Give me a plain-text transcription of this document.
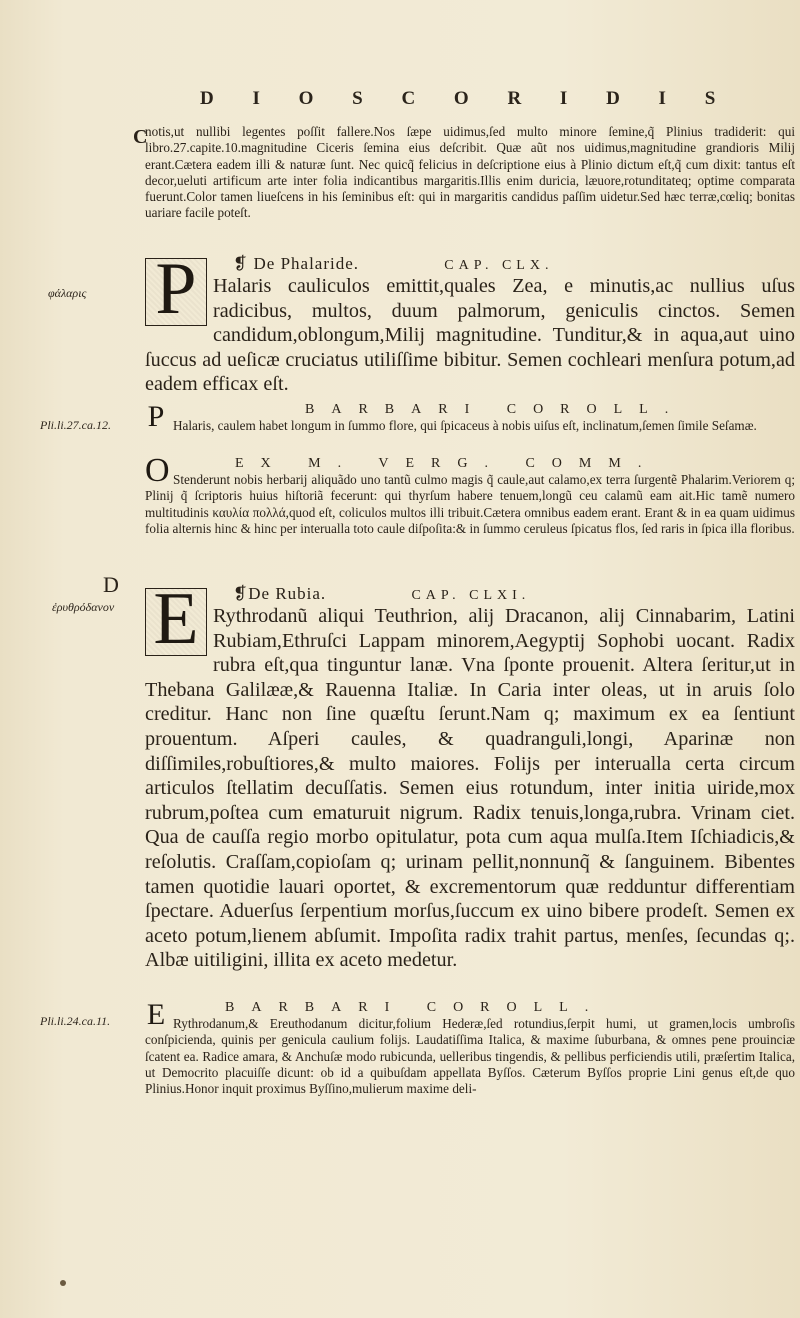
D I O S C O R I D I S
C
φάλαρις
Pli.li.27.ca.12.
D
ἐρυθρόδανον
Pli.li.24.ca.11.

notis,ut nullibi legentes poſſit fallere.Nos ſæpe uidimus,ſed multo minore ſemine,q̃ Plinius tradiderit: qui libro.27.capite.10.magnitudine Ciceris ſemina eius deſcribit. Quæ aũt nos uidimus,magnitudine grandioris Milij erant.Cætera eadem illi & naturæ ſunt. Nec quicq̃ felicius in deſcriptione eius à Plinio dictum eſt,q̃ cum dixit: tantus eſt decor,ueluti artificum arte inter folia indicantibus margaritis.Illis enim duricia, læuore,rotunditateq; optime comparata fuerunt.Color tamen liueſcens in his ſeminibus eſt: qui in margaritis candidus paſſim uidetur.Sed hæc terræ,cœliq; bonitas uariare facile poteſt.

P	❡ De Phalaride.	CAP. CLX.

Halaris cauliculos emittit,quales Zea, e minutis,ac nullius uſus radicibus, multos, duum palmorum, geniculis cinctos. Semen candidum,oblongum,Milij magnitudine. Tunditur,& in aqua,aut uino ſuccus ad ueſicæ cruciatus utiliſſime bibitur. Semen cochleari menſura potum,ad eadem efficax eſt.

P	BARBARI COROLL.

Halaris, caulem habet longum in ſummo flore, qui ſpicaceus à nobis uiſus eſt, inclinatum,ſemen ſimile Seſamæ.

O	EX M. VERG. COMM.

Stenderunt nobis herbarij aliquãdo uno tantũ culmo magis q̃ caule,aut calamo,ex terra ſurgentẽ Phalarim.Veriorem q; Plinij q̃ ſcriptoris huius hiſtoriã fecerunt: qui thyrſum habere tenuem,longũ ceu calamũ eam ait.Hic tamẽ numero multitudinis καυλία πολλά,quod eſt, coliculos multos illi tribuit.Cætera omnibus eadem erant. Erant & in ea quam uidimus folia alternis hinc & hinc per interualla toto caule diſpoſita:& in ſummo ceruleus ſpicatus flos, ſed raris in ſpica illa floribus.

E	❡De Rubia.	CAP. CLXI.

Rythrodanũ aliqui Teuthrion, alij Dracanon, alij Cinnabarim, Latini Rubiam,Ethruſci Lappam minorem,Aegyptij Sophobi uocant. Radix rubra eſt,qua tinguntur lanæ. Vna ſponte prouenit. Altera ſeritur,ut in Thebana Galilææ,& Rauenna Italiæ. In Caria inter oleas, ut in aruis ſolo creditur. Hanc non ſine quæſtu ſerunt.Nam q; maximum ex ea ſentiunt prouentum. Aſperi caules, & quadranguli,longi, Aparinæ non diſſimiles,robuſtiores,& multo maiores. Folijs per interualla certa circum articulos ſtellatim decuſſatis. Semen eius rotundum, inter initia uiride,mox rubrum,poſtea cum ematuruit nigrum. Radix tenuis,longa,rubra. Vrinam ciet. Qua de cauſſa regio morbo opitulatur, pota cum aqua mulſa.Item Iſchiadicis,& reſolutis. Craſſam,copioſam q; urinam pellit,nonnunq̃ & ſanguinem. Bibentes tamen quotidie lauari oportet, & excrementorum quæ redduntur differentiam ſpectare. Aduerſus ſerpentium morſus,ſuccum ex uino bibere prodeſt. Semen ex aceto potum,lienem abſumit. Impoſita radix trahit partus, menſes, ſecundas q;. Albæ uitiligini, illita ex aceto medetur.

E	BARBARI COROLL.

Rythrodanum,& Ereuthodanum dicitur,folium Hederæ,ſed rotundius,ſerpit humi, ut gramen,locis umbroſis conſpicienda, quinis per genicula caulium folijs. Laudatiſſima Italica, & maxime ſuburbana, & omnes pene prouinciæ ſcatent ea. Radice amara, & Anchuſæ modo rubicunda, uelleribus tingendis, & pellibus perficiendis utili, præſertim Italica, ut Democrito placuiſſe dicunt: ob id a quibuſdam appellata Byſſos. Cæterum Byſſos proprie Lini genus eſt,de quo Plinius.Honor inquit proximus Byſſino,mulierum maxime deli-
